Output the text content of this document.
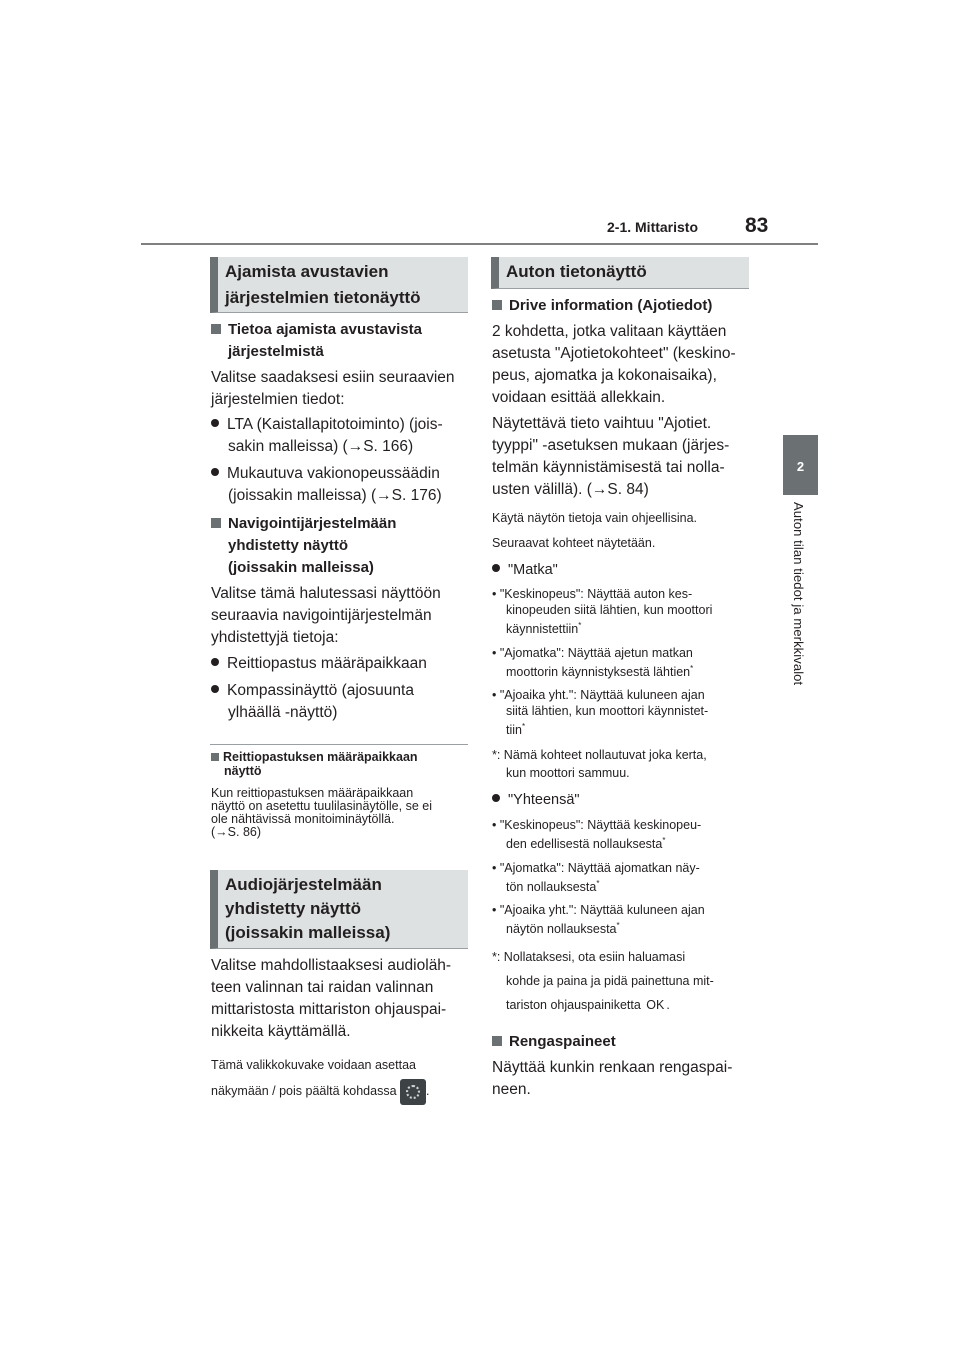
2-1. Mittaristo 83
2
Auton tilan tiedot ja merkkivalot
Ajamista avustavien
järjestelmien tietonäyttö
Tietoa ajamista avustavista
järjestelmistä
Valitse saadaksesi esiin seuraavien
järjestelmien tiedot:
LTA (Kaistallapitotoiminto) (jois-
sakin malleissa) (→S. 166)
Mukautuva vakionopeussäädin
(joissakin malleissa) (→S. 176)
Navigointijärjestelmään
yhdistetty näyttö
(joissakin malleissa)
Valitse tämä halutessasi näyttöön
seuraavia navigointijärjestelmän
yhdistettyjä tietoja:
Reittiopastus määräpaikkaan
Kompassinäyttö (ajosuunta
ylhäällä -näyttö)
Reittiopastuksen määräpaikkaan
näyttö
Kun reittiopastuksen määräpaikkaan
näyttö on asetettu tuulilasinäytölle, se ei
ole nähtävissä monitoiminäytöllä.
(→S. 86)
Audiojärjestelmään
yhdistetty näyttö
(joissakin malleissa)
Valitse mahdollistaaksesi audioläh-
teen valinnan tai raidan valinnan
mittaristosta mittariston ohjauspai-
nikkeita käyttämällä.
Tämä valikkokuvake voidaan asettaa
näkymään / pois päältä kohdassa .
Auton tietonäyttö
Drive information (Ajotiedot)
2 kohdetta, jotka valitaan käyttäen
asetusta "Ajotietokohteet" (keskino-
peus, ajomatka ja kokonaisaika),
voidaan esittää allekkain.
Näytettävä tieto vaihtuu "Ajotiet.
tyyppi" -asetuksen mukaan (järjes-
telmän käynnistämisestä tai nolla-
usten välillä). (→S. 84)
Käytä näytön tietoja vain ohjeellisina.
Seuraavat kohteet näytetään.
"Matka"
• "Keskinopeus": Näyttää auton kes-
kinopeuden siitä lähtien, kun moottori
käynnistettiin*
• "Ajomatka": Näyttää ajetun matkan
moottorin käynnistyksestä lähtien*
• "Ajoaika yht.": Näyttää kuluneen ajan
siitä lähtien, kun moottori käynnistet-
tiin*
*: Nämä kohteet nollautuvat joka kerta,
kun moottori sammuu.
"Yhteensä"
• "Keskinopeus": Näyttää keskinopeu-
den edellisestä nollauksesta*
• "Ajomatka": Näyttää ajomatkan näy-
tön nollauksesta*
• "Ajoaika yht.": Näyttää kuluneen ajan
näytön nollauksesta*
*: Nollataksesi, ota esiin haluamasi
kohde ja paina ja pidä painettuna mit-
tariston ohjauspainiketta OK .
Rengaspaineet
Näyttää kunkin renkaan rengaspai-
neen.
